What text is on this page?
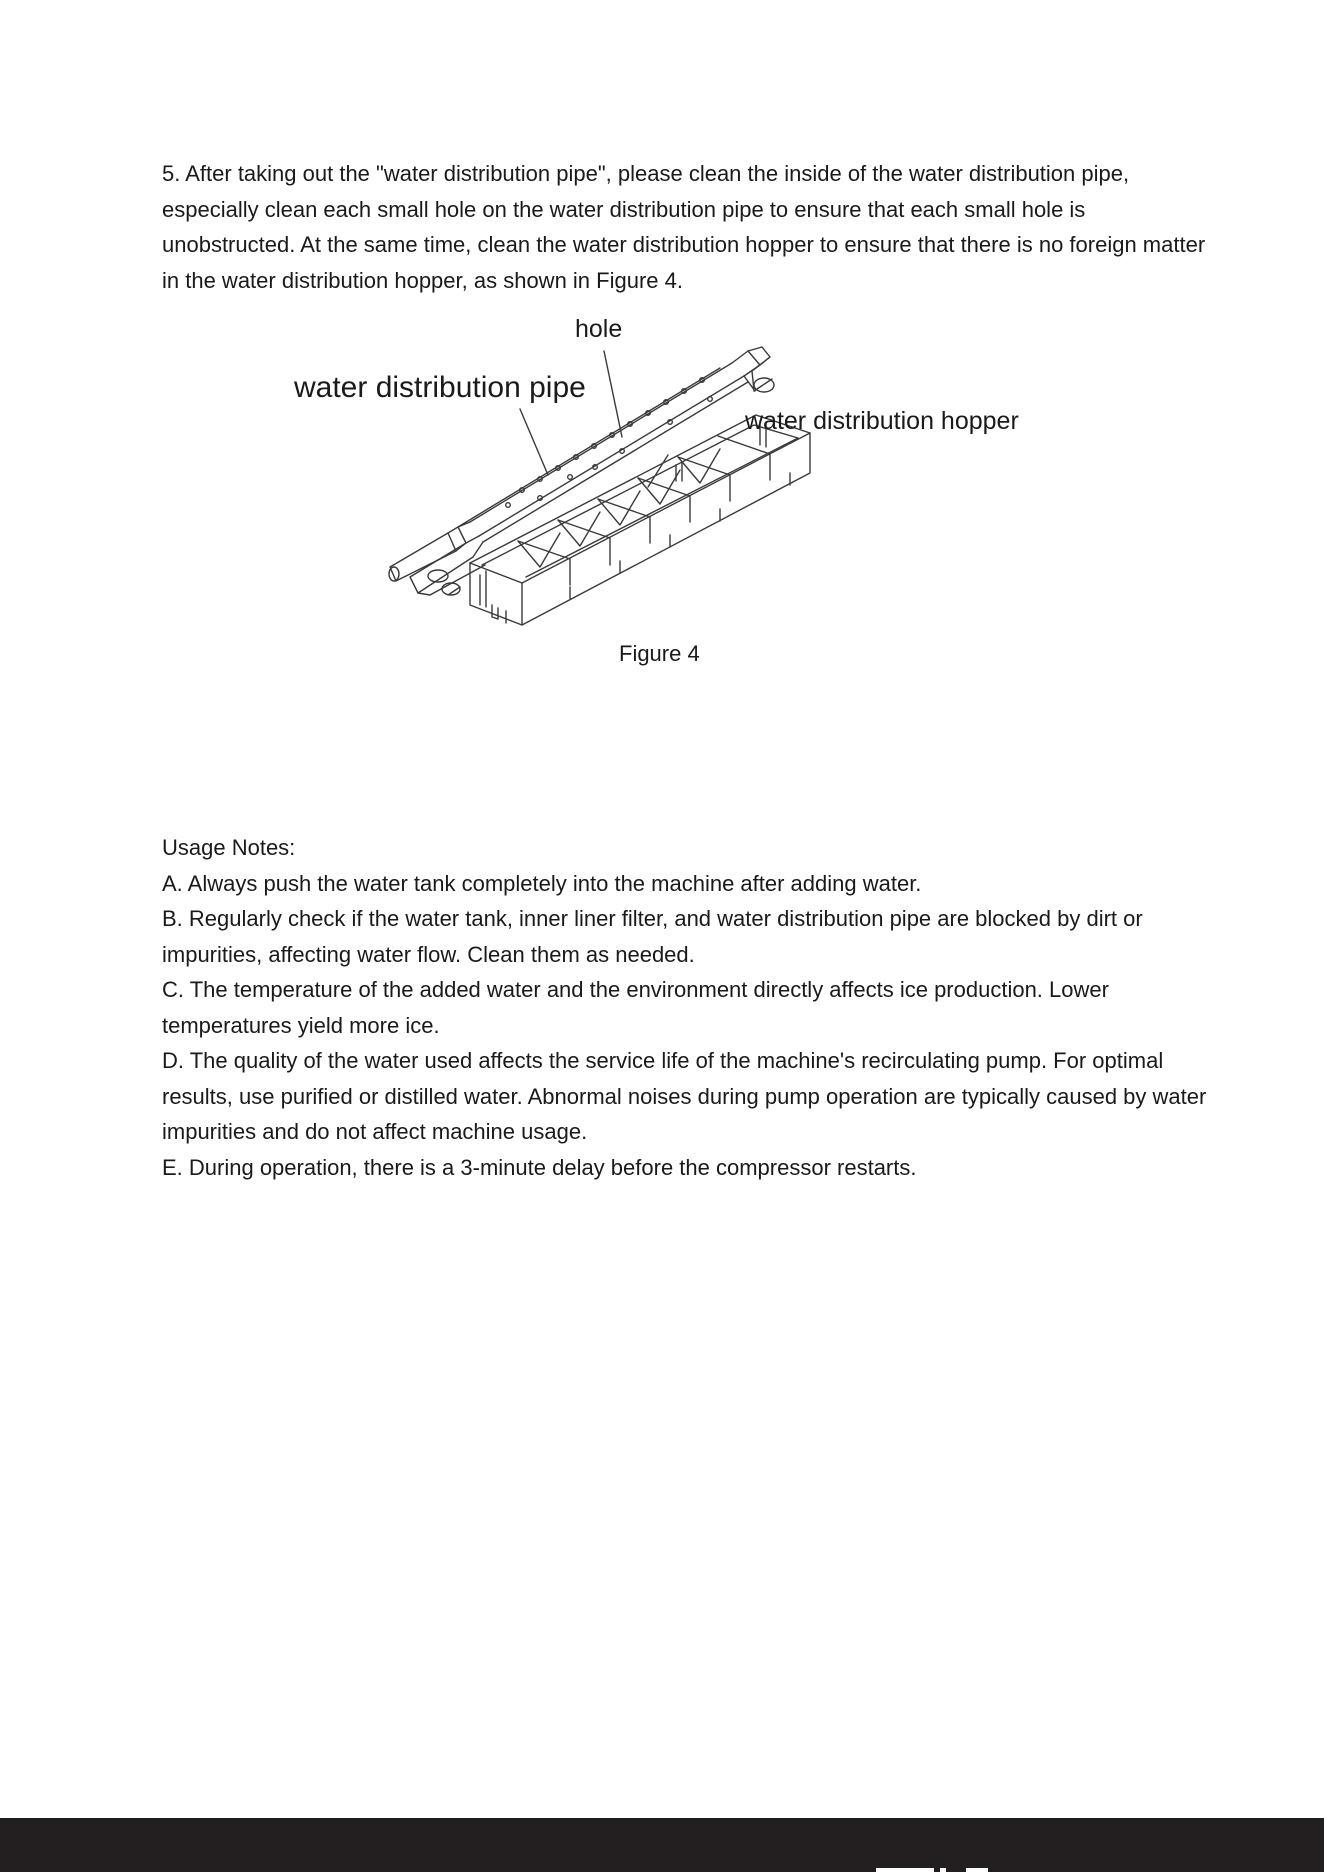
5. After taking out the "water distribution pipe", please clean the inside of the water distribution pipe, especially clean each small hole on the water distribution pipe to ensure that each small hole is unobstructed. At the same time, clean the water distribution hopper to ensure that there is no foreign matter in the water distribution hopper, as shown in Figure 4.

hole

water distribution pipe

water distribution hopper

Figure 4

Usage Notes:

A. Always push the water tank completely into the machine after adding water.

B. Regularly check if the water tank, inner liner filter, and water distribution pipe are blocked by dirt or impurities, affecting water flow. Clean them as needed.

C. The temperature of the added water and the environment directly affects ice production. Lower temperatures yield more ice.

D. The quality of the water used affects the service life of the machine's recirculating pump. For optimal results, use purified or distilled water. Abnormal noises during pump operation are typically caused by water impurities and do not affect machine usage.

E. During operation, there is a 3-minute delay before the compressor restarts.
